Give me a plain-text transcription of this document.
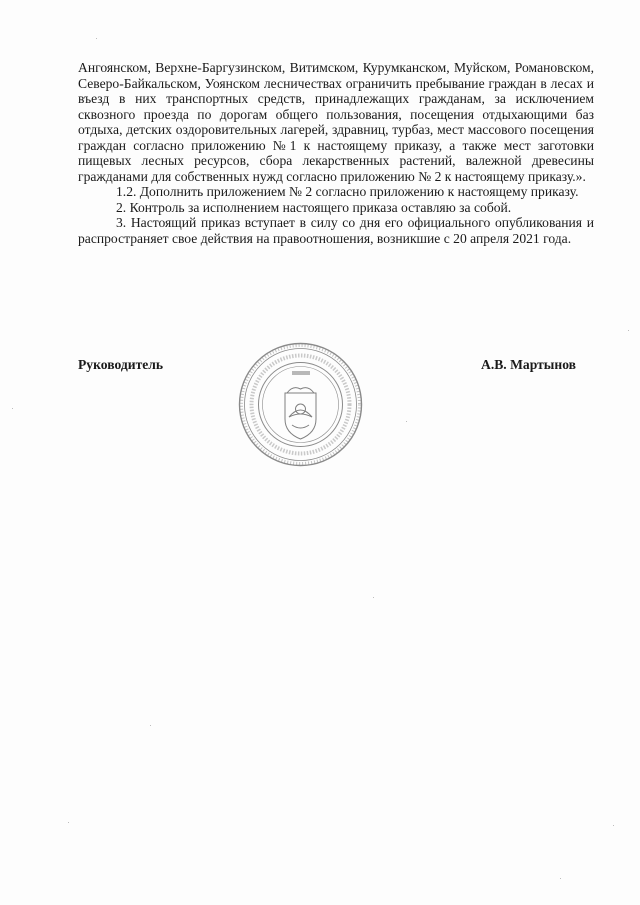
Ангоянском, Верхне-Баргузинском, Витимском, Курумканском, Муйском, Романовском, Северо-Байкальском, Уоянском лесничествах ограничить пребывание граждан в лесах и въезд в них транспортных средств, принадлежащих гражданам, за исключением сквозного проезда по дорогам общего пользования, посещения отдыхающими баз отдыха, детских оздоровительных лагерей, здравниц, турбаз, мест массового посещения граждан согласно приложению №1 к настоящему приказу, а также мест заготовки пищевых лесных ресурсов, сбора лекарственных растений, валежной древесины гражданами для собственных нужд согласно приложению № 2 к настоящему приказу.».

1.2. Дополнить приложением № 2 согласно приложению к настоящему приказу.

2. Контроль за исполнением настоящего приказа оставляю за собой.

3. Настоящий приказ вступает в силу со дня его официального опубликования и распространяет свое действия на правоотношения, возникшие с 20 апреля 2021 года.

Руководитель	А.В. Мартынов
